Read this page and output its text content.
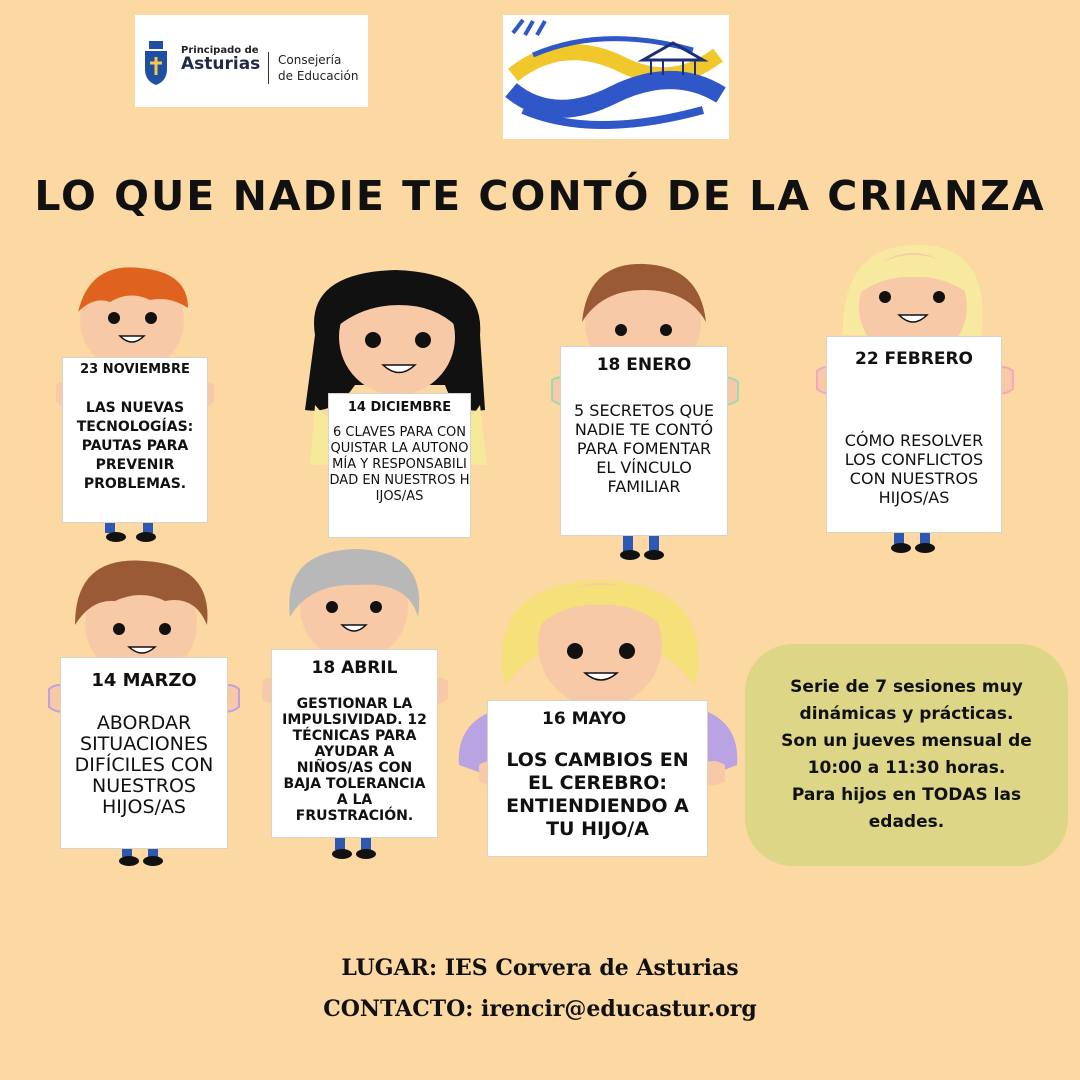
Principado de
Asturias Consejería
de Educación
LO QUE NADIE TE CONTÓ DE LA CRIANZA
23 NOVIEMBRE
LAS NUEVAS TECNOLOGÍAS: PAUTAS PARA PREVENIR PROBLEMAS.
14 DICIEMBRE
6 CLAVES PARA CONQUISTAR LA AUTONOMÍA Y RESPONSABILIDAD EN NUESTROS HIJOS/AS
18 ENERO
5 SECRETOS QUE NADIE TE CONTÓ PARA FOMENTAR EL VÍNCULO FAMILIAR
22 FEBRERO
CÓMO RESOLVER LOS CONFLICTOS CON NUESTROS HIJOS/AS
14 MARZO
ABORDAR SITUACIONES DIFÍCILES CON NUESTROS HIJOS/AS
18 ABRIL
GESTIONAR LA IMPULSIVIDAD. 12 TÉCNICAS PARA AYUDAR A NIÑOS/AS CON BAJA TOLERANCIA A LA FRUSTRACIÓN.
16 MAYO
LOS CAMBIOS EN EL CEREBRO: ENTIENDIENDO A TU HIJO/A
Serie de 7 sesiones muy
dinámicas y prácticas.
Son un jueves mensual de
10:00 a 11:30 horas.
Para hijos en TODAS las
edades.
LUGAR: IES Corvera de Asturias
CONTACTO: irencir@educastur.org
